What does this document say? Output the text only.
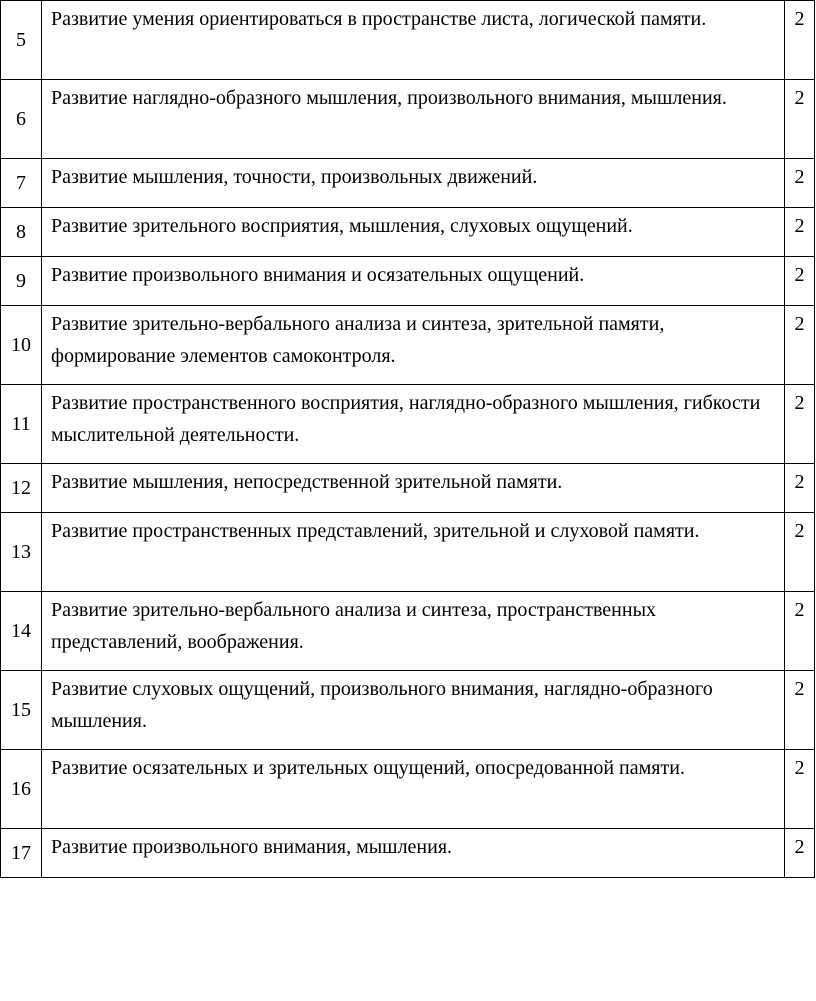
5	Развитие умения ориентироваться в пространстве листа, логической памяти.	2
6	Развитие наглядно-образного мышления, произвольного внимания, мышления.	2
7	Развитие мышления, точности, произвольных движений.	2
8	Развитие зрительного восприятия, мышления, слуховых ощущений.	2
9	Развитие произвольного внимания и осязательных ощущений.	2
10	Развитие зрительно-вербального анализа и синтеза, зрительной памяти, формирование элементов самоконтроля.	2
11	Развитие пространственного восприятия, наглядно-образного мышления, гибкости мыслительной деятельности.	2
12	Развитие мышления, непосредственной зрительной памяти.	2
13	Развитие пространственных представлений, зрительной и слуховой памяти.	2
14	Развитие зрительно-вербального анализа и синтеза, пространственных представлений, воображения.	2
15	Развитие слуховых ощущений, произвольного внимания, наглядно-образного мышления.	2
16	Развитие осязательных и зрительных ощущений, опосредованной памяти.	2
17	Развитие произвольного внимания, мышления.	2
